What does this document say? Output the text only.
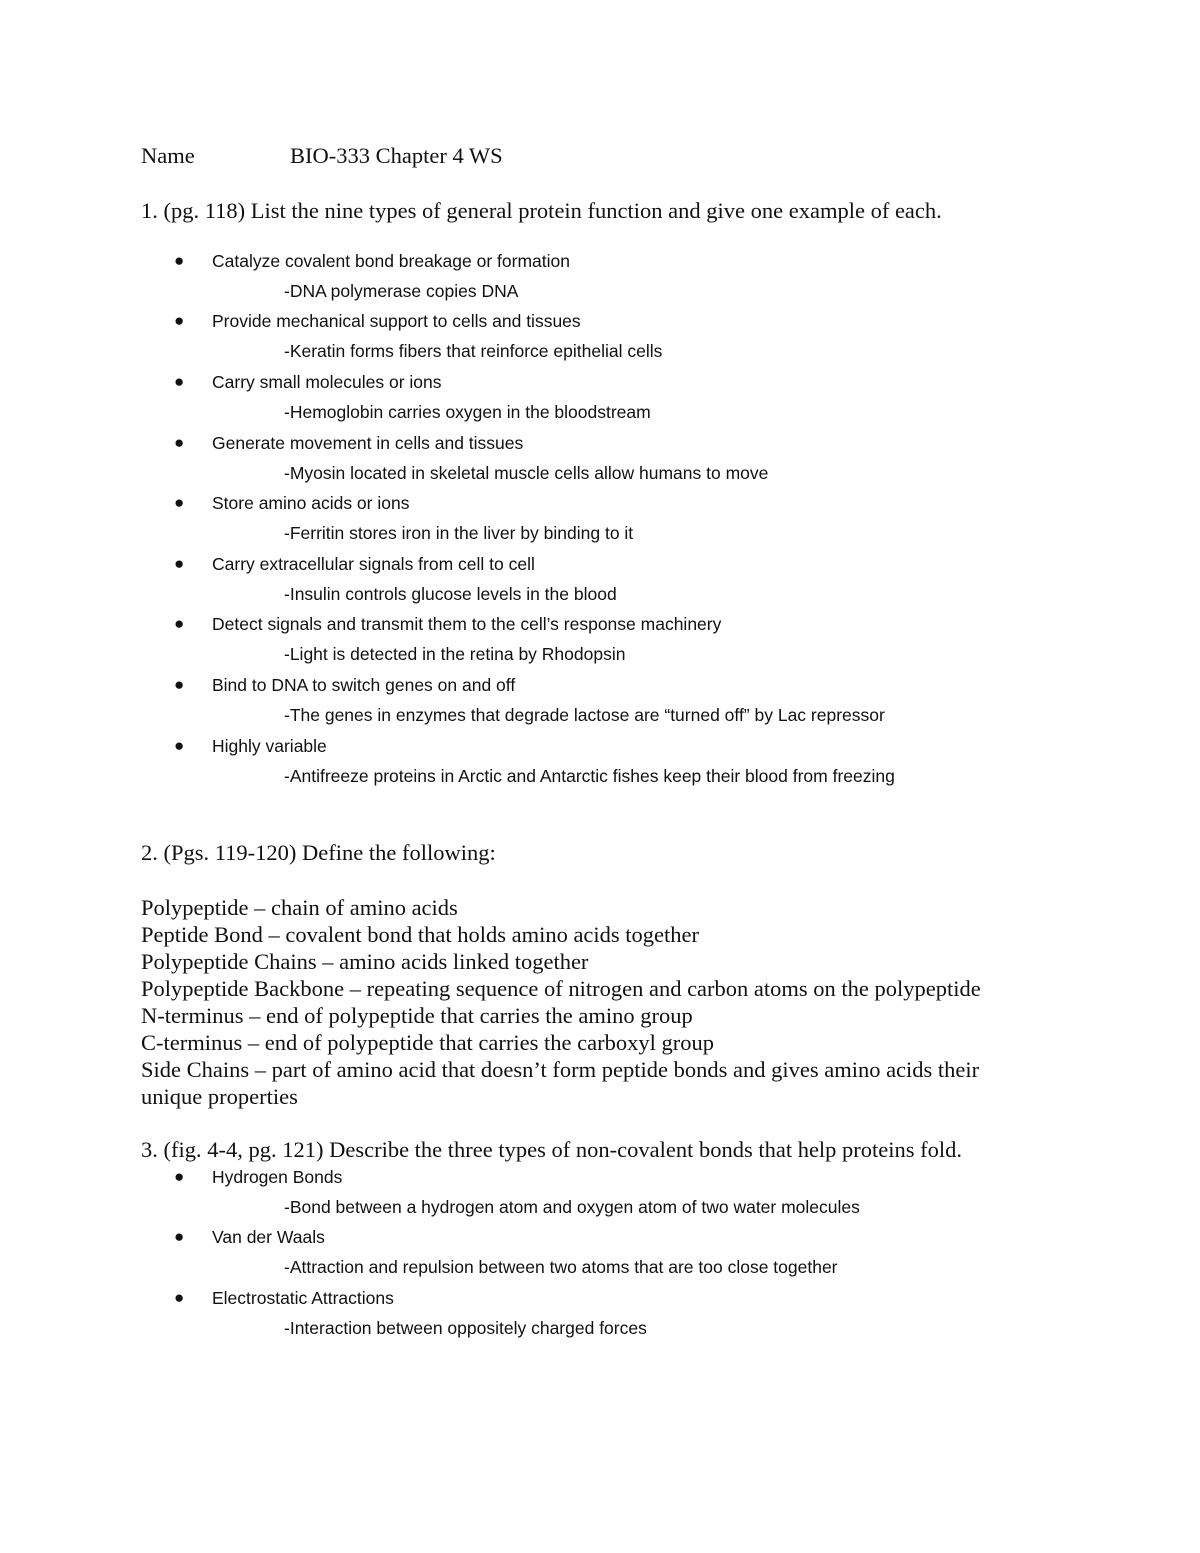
Name	BIO-333 Chapter 4 WS
1. (pg. 118) List the nine types of general protein function and give one example of each.
● Catalyze covalent bond breakage or formation
-DNA polymerase copies DNA
● Provide mechanical support to cells and tissues
-Keratin forms fibers that reinforce epithelial cells
● Carry small molecules or ions
-Hemoglobin carries oxygen in the bloodstream
● Generate movement in cells and tissues
-Myosin located in skeletal muscle cells allow humans to move
● Store amino acids or ions
-Ferritin stores iron in the liver by binding to it
● Carry extracellular signals from cell to cell
-Insulin controls glucose levels in the blood
● Detect signals and transmit them to the cell’s response machinery
-Light is detected in the retina by Rhodopsin
● Bind to DNA to switch genes on and off
-The genes in enzymes that degrade lactose are “turned off” by Lac repressor
● Highly variable
-Antifreeze proteins in Arctic and Antarctic fishes keep their blood from freezing
2. (Pgs. 119-120) Define the following:
Polypeptide – chain of amino acids
Peptide Bond – covalent bond that holds amino acids together
Polypeptide Chains – amino acids linked together
Polypeptide Backbone – repeating sequence of nitrogen and carbon atoms on the polypeptide
N-terminus – end of polypeptide that carries the amino group
C-terminus – end of polypeptide that carries the carboxyl group
Side Chains – part of amino acid that doesn’t form peptide bonds and gives amino acids their unique properties
3. (fig. 4-4, pg. 121) Describe the three types of non-covalent bonds that help proteins fold.
● Hydrogen Bonds
-Bond between a hydrogen atom and oxygen atom of two water molecules
● Van der Waals
-Attraction and repulsion between two atoms that are too close together
● Electrostatic Attractions
-Interaction between oppositely charged forces
